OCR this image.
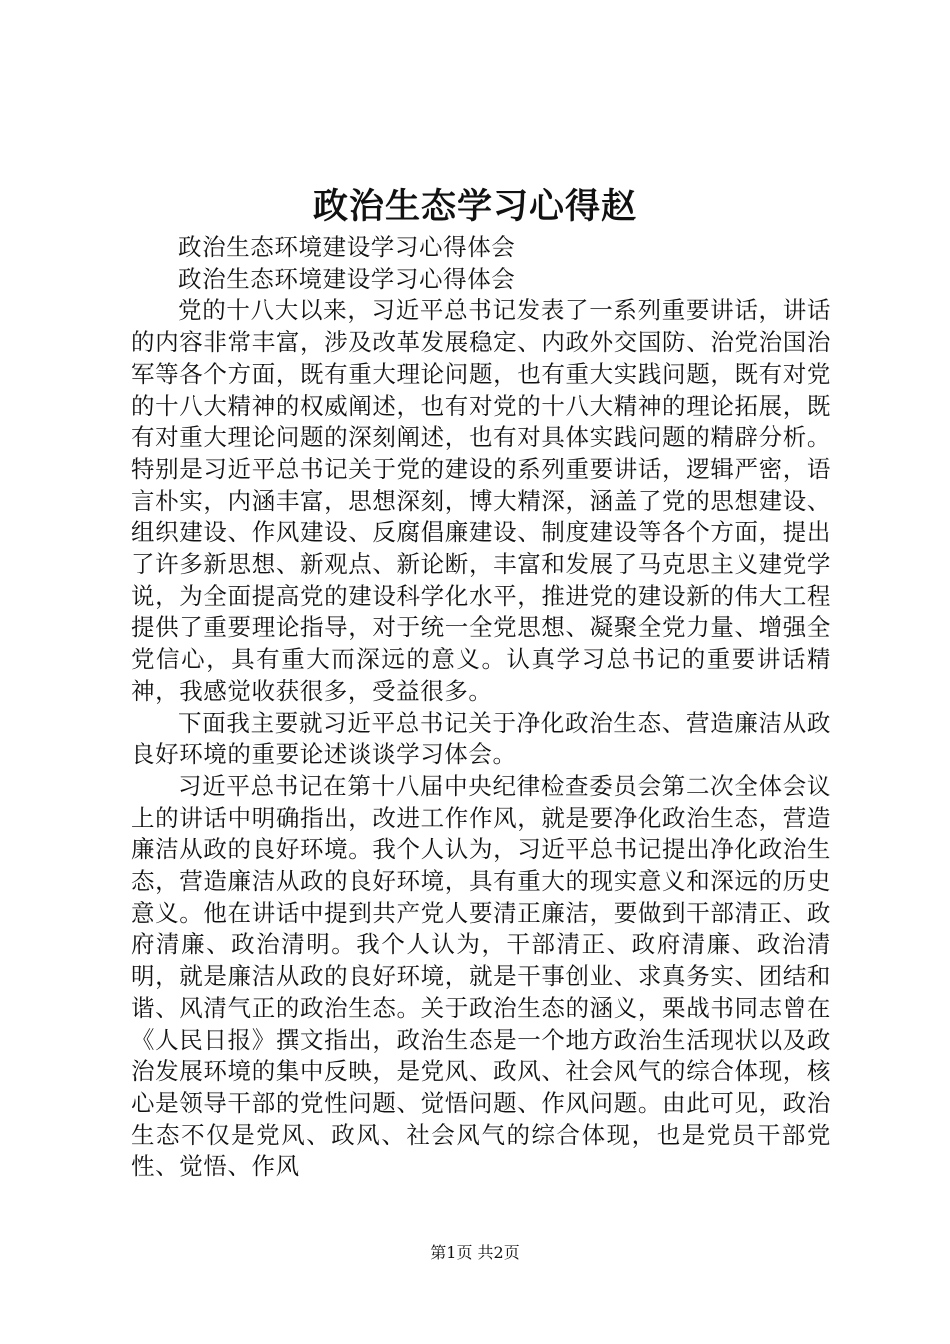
政治生态学习心得赵

政治生态环境建设学习心得体会

政治生态环境建设学习心得体会

党的十八大以来，习近平总书记发表了一系列重要讲话，讲话的内容非常丰富，涉及改革发展稳定、内政外交国防、治党治国治军等各个方面，既有重大理论问题，也有重大实践问题，既有对党的十八大精神的权威阐述，也有对党的十八大精神的理论拓展，既有对重大理论问题的深刻阐述，也有对具体实践问题的精辟分析。特别是习近平总书记关于党的建设的系列重要讲话，逻辑严密，语言朴实，内涵丰富，思想深刻，博大精深，涵盖了党的思想建设、组织建设、作风建设、反腐倡廉建设、制度建设等各个方面，提出了许多新思想、新观点、新论断，丰富和发展了马克思主义建党学说，为全面提高党的建设科学化水平，推进党的建设新的伟大工程提供了重要理论指导，对于统一全党思想、凝聚全党力量、增强全党信心，具有重大而深远的意义。认真学习总书记的重要讲话精神，我感觉收获很多，受益很多。

下面我主要就习近平总书记关于净化政治生态、营造廉洁从政良好环境的重要论述谈谈学习体会。

习近平总书记在第十八届中央纪律检查委员会第二次全体会议上的讲话中明确指出，改进工作作风，就是要净化政治生态，营造廉洁从政的良好环境。我个人认为，习近平总书记提出净化政治生态，营造廉洁从政的良好环境，具有重大的现实意义和深远的历史意义。他在讲话中提到共产党人要清正廉洁，要做到干部清正、政府清廉、政治清明。我个人认为，干部清正、政府清廉、政治清明，就是廉洁从政的良好环境，就是干事创业、求真务实、团结和谐、风清气正的政治生态。关于政治生态的涵义，栗战书同志曾在《人民日报》撰文指出，政治生态是一个地方政治生活现状以及政治发展环境的集中反映，是党风、政风、社会风气的综合体现，核心是领导干部的党性问题、觉悟问题、作风问题。由此可见，政治生态不仅是党风、政风、社会风气的综合体现，也是党员干部党性、觉悟、作风

第1页 共2页
